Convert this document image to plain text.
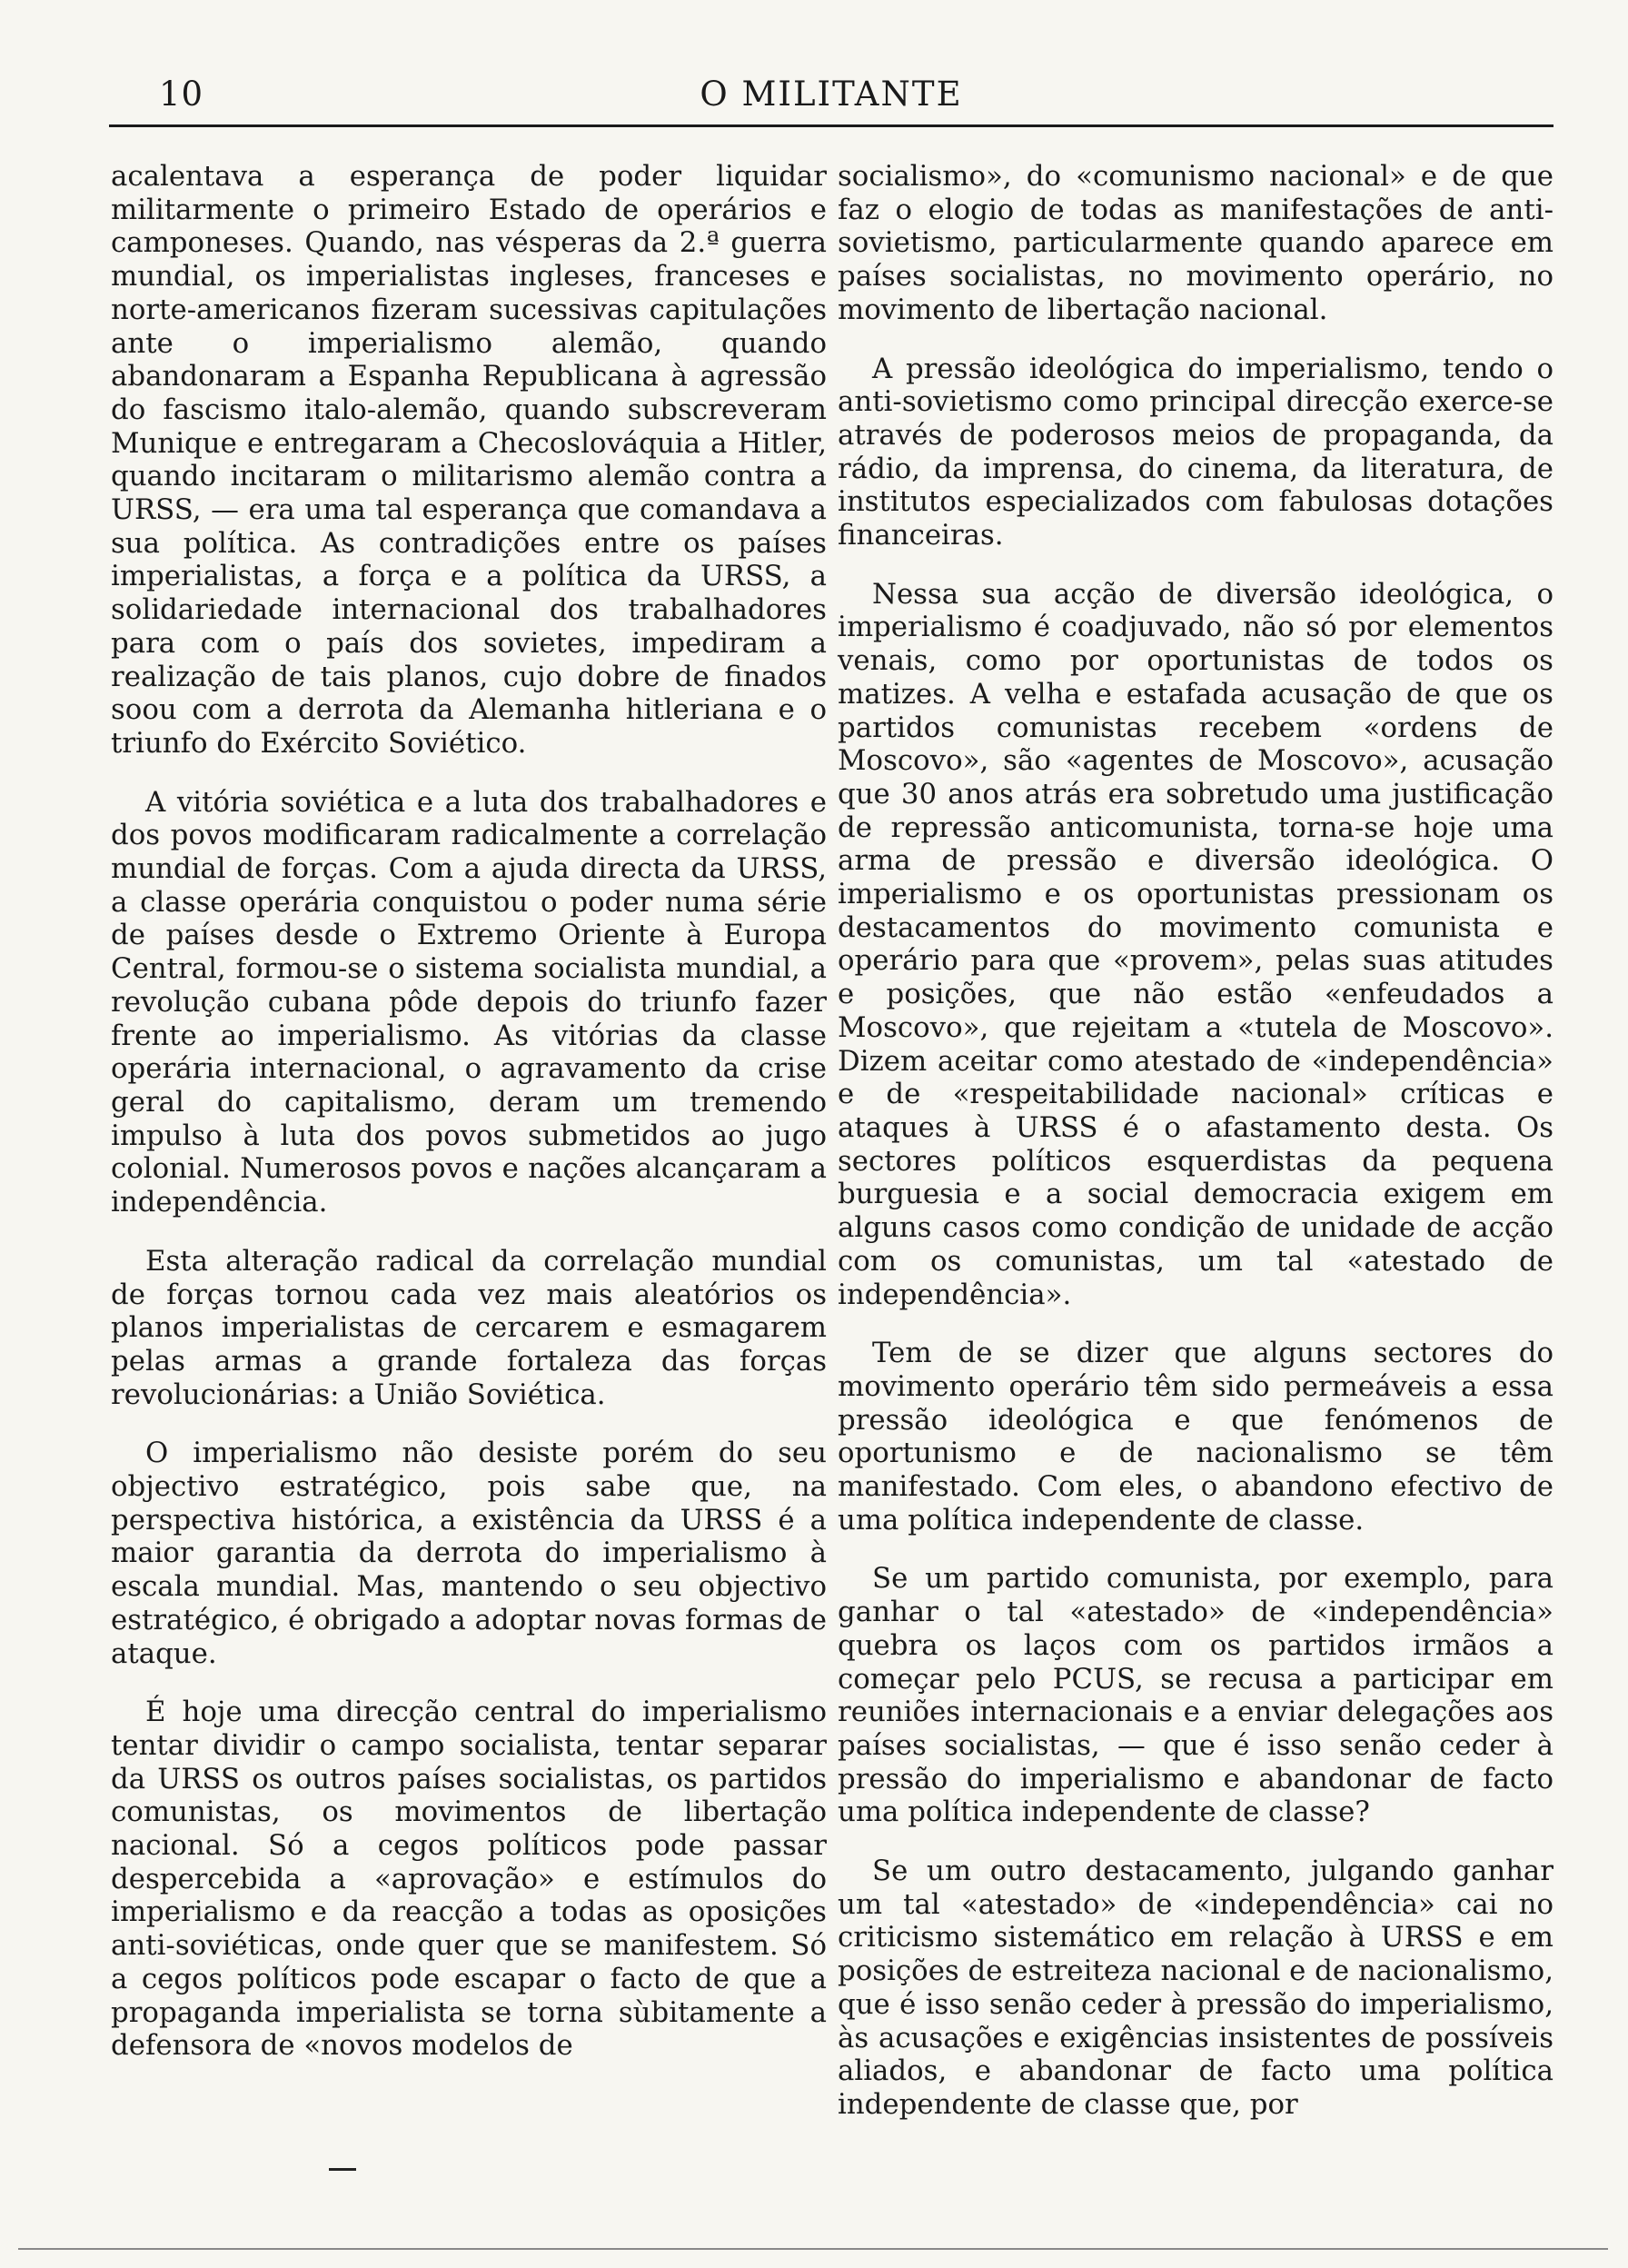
10	O MILITANTE

acalentava a esperança de poder liquidar militarmente o primeiro Estado de operários e camponeses. Quando, nas vésperas da 2.ª guerra mundial, os imperialistas ingleses, franceses e norte-americanos fizeram sucessivas capitulações ante o imperialismo alemão, quando abandonaram a Espanha Republicana à agressão do fascismo italo-alemão, quando subscreveram Munique e entregaram a Checoslováquia a Hitler, quando incitaram o militarismo alemão contra a URSS, — era uma tal esperança que comandava a sua política. As contradições entre os países imperialistas, a força e a política da URSS, a solidariedade internacional dos trabalhadores para com o país dos sovietes, impediram a realização de tais planos, cujo dobre de finados soou com a derrota da Alemanha hitleriana e o triunfo do Exército Soviético.

A vitória soviética e a luta dos trabalhadores e dos povos modificaram radicalmente a correlação mundial de forças. Com a ajuda directa da URSS, a classe operária conquistou o poder numa série de países desde o Extremo Oriente à Europa Central, formou-se o sistema socialista mundial, a revolução cubana pôde depois do triunfo fazer frente ao imperialismo. As vitórias da classe operária internacional, o agravamento da crise geral do capitalismo, deram um tremendo impulso à luta dos povos submetidos ao jugo colonial. Numerosos povos e nações alcançaram a independência.

Esta alteração radical da correlação mundial de forças tornou cada vez mais aleatórios os planos imperialistas de cercarem e esmagarem pelas armas a grande fortaleza das forças revolucionárias: a União Soviética.

O imperialismo não desiste porém do seu objectivo estratégico, pois sabe que, na perspectiva histórica, a existência da URSS é a maior garantia da derrota do imperialismo à escala mundial. Mas, mantendo o seu objectivo estratégico, é obrigado a adoptar novas formas de ataque.

É hoje uma direcção central do imperialismo tentar dividir o campo socialista, tentar separar da URSS os outros países socialistas, os partidos comunistas, os movimentos de libertação nacional. Só a cegos políticos pode passar despercebida a «aprovação» e estímulos do imperialismo e da reacção a todas as oposições anti-soviéticas, onde quer que se manifestem. Só a cegos políticos pode escapar o facto de que a propaganda imperialista se torna sùbitamente a defensora de «novos modelos de

socialismo», do «comunismo nacional» e de que faz o elogio de todas as manifestações de anti-sovietismo, particularmente quando aparece em países socialistas, no movimento operário, no movimento de libertação nacional.

A pressão ideológica do imperialismo, tendo o anti-sovietismo como principal direcção exerce-se através de poderosos meios de propaganda, da rádio, da imprensa, do cinema, da literatura, de institutos especializados com fabulosas dotações financeiras.

Nessa sua acção de diversão ideológica, o imperialismo é coadjuvado, não só por elementos venais, como por oportunistas de todos os matizes. A velha e estafada acusação de que os partidos comunistas recebem «ordens de Moscovo», são «agentes de Moscovo», acusação que 30 anos atrás era sobretudo uma justificação de repressão anticomunista, torna-se hoje uma arma de pressão e diversão ideológica. O imperialismo e os oportunistas pressionam os destacamentos do movimento comunista e operário para que «provem», pelas suas atitudes e posições, que não estão «enfeudados a Moscovo», que rejeitam a «tutela de Moscovo». Dizem aceitar como atestado de «independência» e de «respeitabilidade nacional» críticas e ataques à URSS é o afastamento desta. Os sectores políticos esquerdistas da pequena burguesia e a social democracia exigem em alguns casos como condição de unidade de acção com os comunistas, um tal «atestado de independência».

Tem de se dizer que alguns sectores do movimento operário têm sido permeáveis a essa pressão ideológica e que fenómenos de oportunismo e de nacionalismo se têm manifestado. Com eles, o abandono efectivo de uma política independente de classe.

Se um partido comunista, por exemplo, para ganhar o tal «atestado» de «independência» quebra os laços com os partidos irmãos a começar pelo PCUS, se recusa a participar em reuniões internacionais e a enviar delegações aos países socialistas, — que é isso senão ceder à pressão do imperialismo e abandonar de facto uma política independente de classe?

Se um outro destacamento, julgando ganhar um tal «atestado» de «independência» cai no criticismo sistemático em relação à URSS e em posições de estreiteza nacional e de nacionalismo, que é isso senão ceder à pressão do imperialismo, às acusações e exigências insistentes de possíveis aliados, e abandonar de facto uma política independente de classe que, por
